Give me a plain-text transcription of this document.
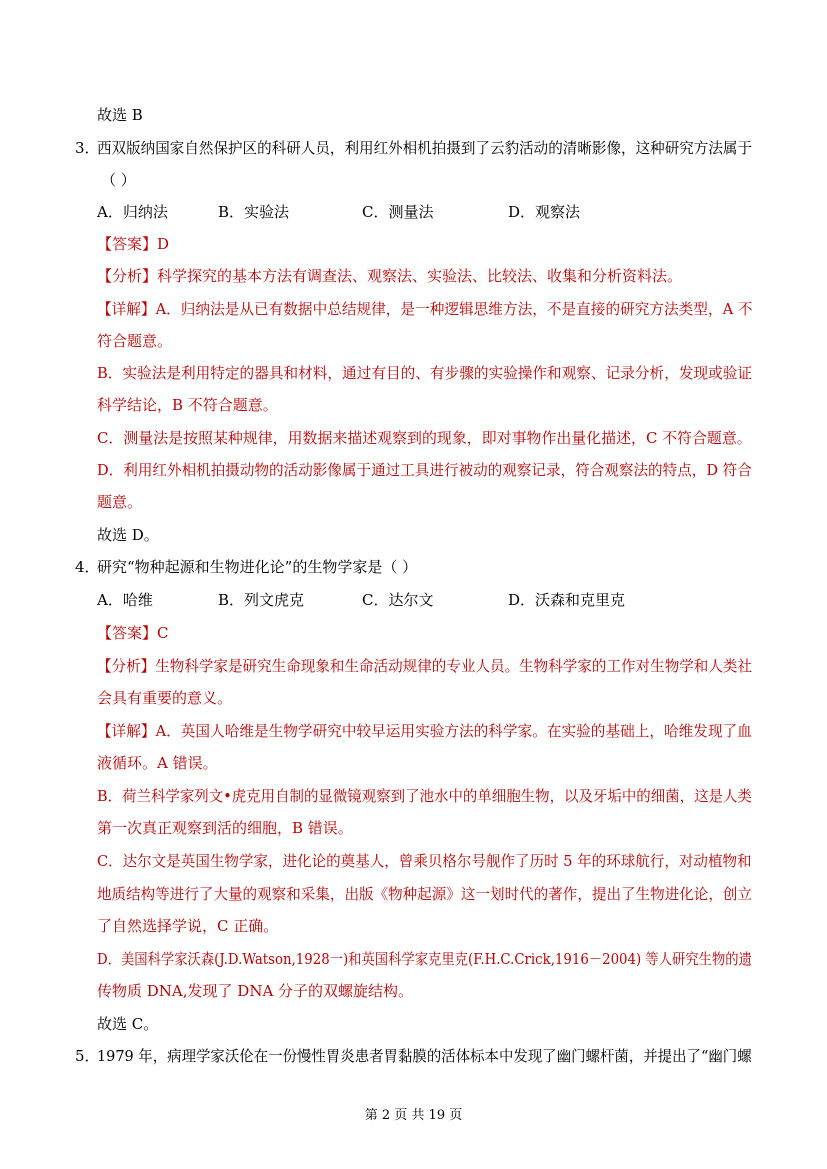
故选 B
3．
西双版纳国家自然保护区的科研人员，利用红外相机拍摄到了云豹活动的清晰影像，这种研究方法属于
（ ）
A．归纳法	B．实验法	C．测量法	D．观察法
【答案】D
【分析】科学探究的基本方法有调查法、观察法、实验法、比较法、收集和分析资料法。
【详解】A．归纳法是从已有数据中总结规律，是一种逻辑思维方法，不是直接的研究方法类型，A 不
符合题意。
B．实验法是利用特定的器具和材料，通过有目的、有步骤的实验操作和观察、记录分析，发现或验证
科学结论，B 不符合题意。
C．测量法是按照某种规律，用数据来描述观察到的现象，即对事物作出量化描述，C 不符合题意。
D．利用红外相机拍摄动物的活动影像属于通过工具进行被动的观察记录，符合观察法的特点，D 符合
题意。
故选 D。
4．
研究“物种起源和生物进化论”的生物学家是（ ）
A．哈维	B．列文虎克	C．达尔文	D．沃森和克里克
【答案】C
【分析】生物科学家是研究生命现象和生命活动规律的专业人员。生物科学家的工作对生物学和人类社
会具有重要的意义。
【详解】A．英国人哈维是生物学研究中较早运用实验方法的科学家。在实验的基础上，哈维发现了血
液循环。A 错误。
B．荷兰科学家列文•虎克用自制的显微镜观察到了池水中的单细胞生物，以及牙垢中的细菌，这是人类
第一次真正观察到活的细胞，B 错误。
C．达尔文是英国生物学家，进化论的奠基人，曾乘贝格尔号舰作了历时 5 年的环球航行，对动植物和
地质结构等进行了大量的观察和采集，出版《物种起源》这一划时代的著作，提出了生物进化论，创立
了自然选择学说，C 正确。
D．美国科学家沃森(J.D.Watson,1928一)和英国科学家克里克(F.H.C.Crick,1916－2004) 等人研究生物的遗
传物质 DNA,发现了 DNA 分子的双螺旋结构。
故选 C。
5．
1979 年，病理学家沃伦在一份慢性胃炎患者胃黏膜的活体标本中发现了幽门螺杆菌，并提出了“幽门螺
第 2 页 共 19 页
